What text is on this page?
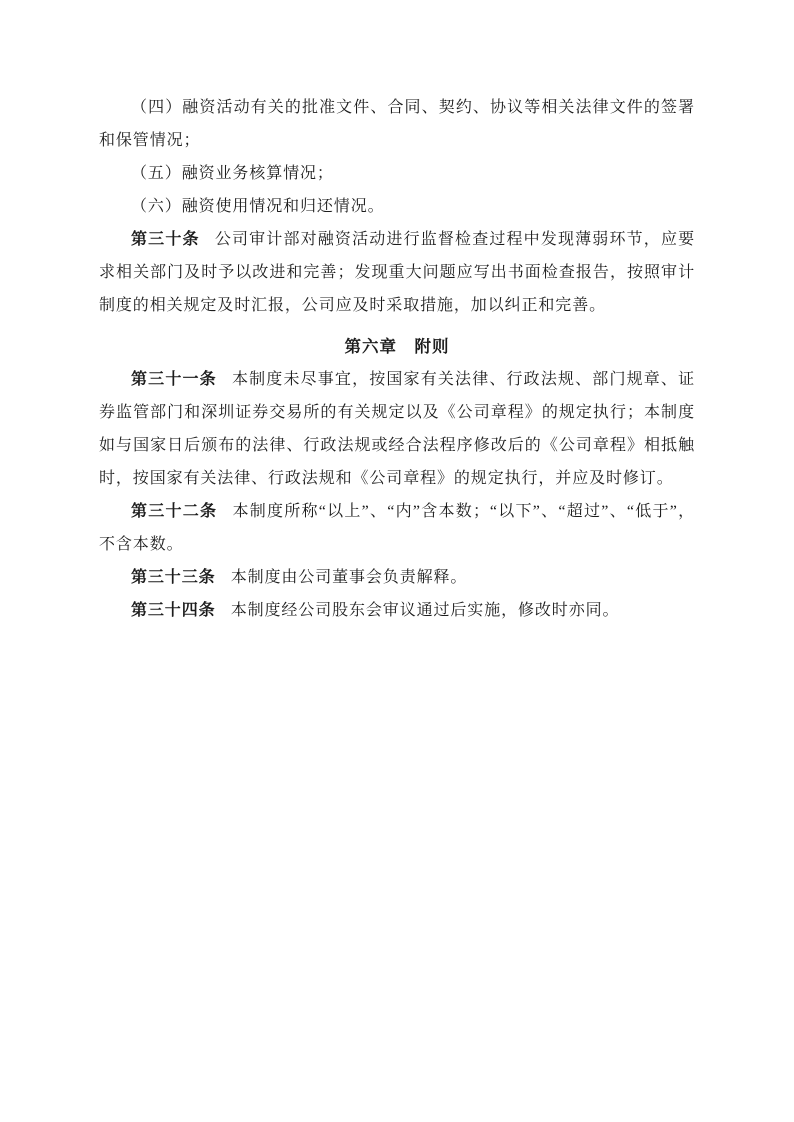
（四）融资活动有关的批准文件、合同、契约、协议等相关法律文件的签署和保管情况；

（五）融资业务核算情况；

（六）融资使用情况和归还情况。

第三十条 公司审计部对融资活动进行监督检查过程中发现薄弱环节，应要求相关部门及时予以改进和完善；发现重大问题应写出书面检查报告，按照审计制度的相关规定及时汇报，公司应及时采取措施，加以纠正和完善。

第六章　附则

第三十一条 本制度未尽事宜，按国家有关法律、行政法规、部门规章、证券监管部门和深圳证券交易所的有关规定以及《公司章程》的规定执行；本制度如与国家日后颁布的法律、行政法规或经合法程序修改后的《公司章程》相抵触时，按国家有关法律、行政法规和《公司章程》的规定执行，并应及时修订。

第三十二条 本制度所称“以上”、“内”含本数；“以下”、“超过”、“低于”，不含本数。

第三十三条 本制度由公司董事会负责解释。

第三十四条 本制度经公司股东会审议通过后实施，修改时亦同。
